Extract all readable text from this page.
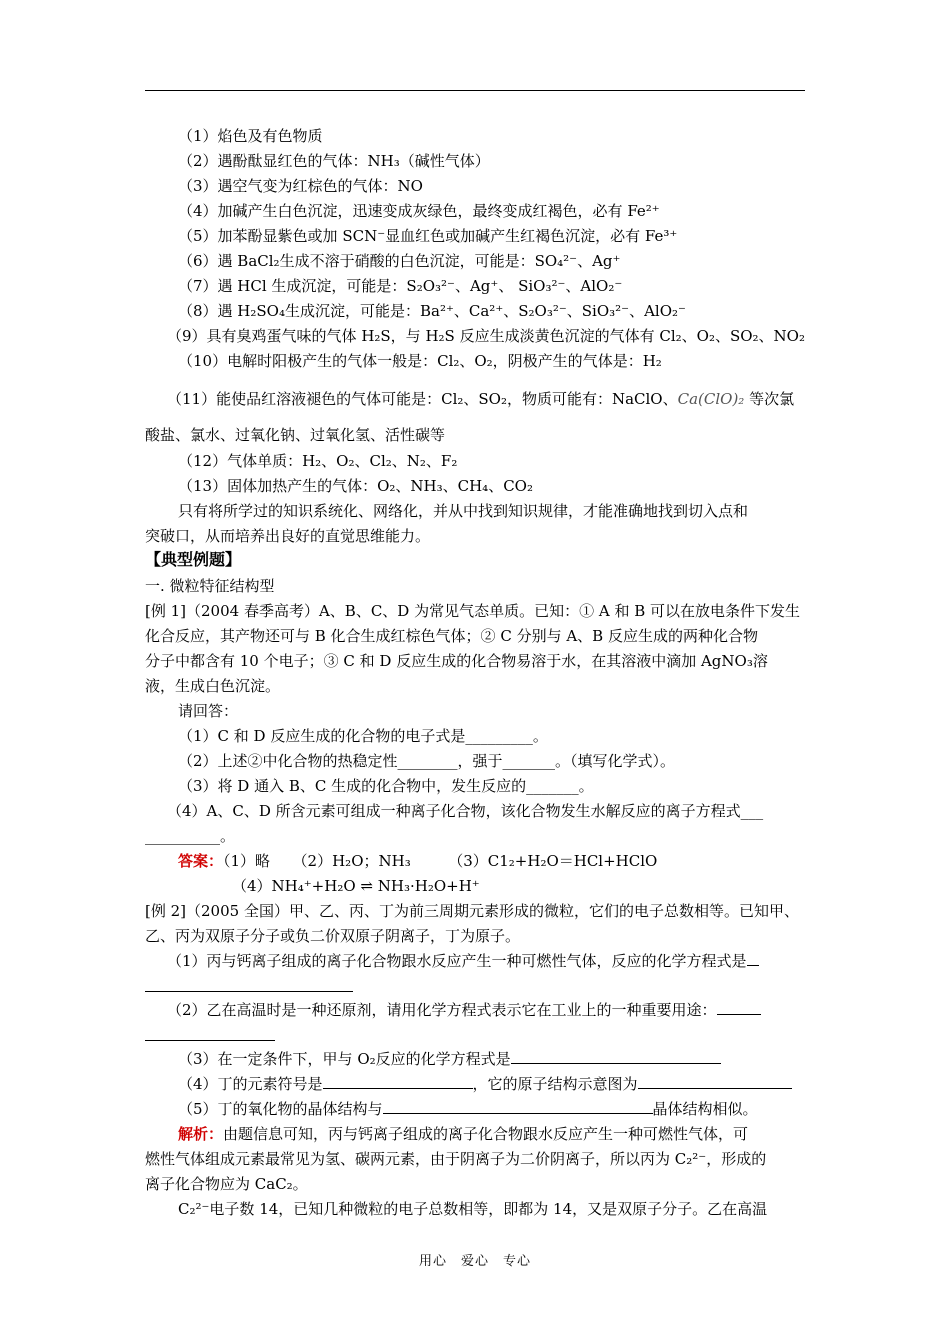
（1）焰色及有色物质
（2）遇酚酞显红色的气体：NH₃（碱性气体）
（3）遇空气变为红棕色的气体：NO
（4）加碱产生白色沉淀，迅速变成灰绿色，最终变成红褐色，必有 Fe²⁺
（5）加苯酚显紫色或加 SCN⁻显血红色或加碱产生红褐色沉淀，必有 Fe³⁺
（6）遇 BaCl₂生成不溶于硝酸的白色沉淀，可能是：SO₄²⁻、Ag⁺
（7）遇 HCl 生成沉淀，可能是：S₂O₃²⁻、Ag⁺、 SiO₃²⁻、AlO₂⁻
（8）遇 H₂SO₄生成沉淀，可能是：Ba²⁺、Ca²⁺、S₂O₃²⁻、SiO₃²⁻、AlO₂⁻
（9）具有臭鸡蛋气味的气体 H₂S，与 H₂S 反应生成淡黄色沉淀的气体有 Cl₂、O₂、SO₂、NO₂
（10）电解时阳极产生的气体一般是：Cl₂、O₂，阴极产生的气体是：H₂
（11）能使品红溶液褪色的气体可能是：Cl₂、SO₂，物质可能有：NaClO、Ca(ClO)₂ 等次氯
酸盐、氯水、过氧化钠、过氧化氢、活性碳等
（12）气体单质：H₂、O₂、Cl₂、N₂、F₂
（13）固体加热产生的气体：O₂、NH₃、CH₄、CO₂
只有将所学过的知识系统化、网络化，并从中找到知识规律，才能准确地找到切入点和
突破口，从而培养出良好的直觉思维能力。
【典型例题】
一. 微粒特征结构型
[例 1]（2004 春季高考）A、B、C、D 为常见气态单质。已知：① A 和 B 可以在放电条件下发生
化合反应，其产物还可与 B 化合生成红棕色气体；② C 分别与 A、B 反应生成的两种化合物
分子中都含有 10 个电子；③ C 和 D 反应生成的化合物易溶于水，在其溶液中滴加 AgNO₃溶
液，生成白色沉淀。
请回答：
（1）C 和 D 反应生成的化合物的电子式是_________。
（2）上述②中化合物的热稳定性________，强于_______。（填写化学式）。
（3）将 D 通入 B、C 生成的化合物中，发生反应的_______。
（4）A、C、D 所含元素可组成一种离子化合物，该化合物发生水解反应的离子方程式___
__________。
答案：（1）略　　（2）H₂O；NH₃　　　（3）C1₂+H₂O＝HCl+HClO
（4）NH₄⁺+H₂O ⇌ NH₃·H₂O+H⁺
[例 2]（2005 全国）甲、乙、丙、丁为前三周期元素形成的微粒，它们的电子总数相等。已知甲、
乙、丙为双原子分子或负二价双原子阴离子，丁为原子。
（1）丙与钙离子组成的离子化合物跟水反应产生一种可燃性气体，反应的化学方程式是
（2）乙在高温时是一种还原剂，请用化学方程式表示它在工业上的一种重要用途：
（3）在一定条件下，甲与 O₂反应的化学方程式是
（4）丁的元素符号是	，它的原子结构示意图为
（5）丁的氧化物的晶体结构与	晶体结构相似。
解析：由题信息可知，丙与钙离子组成的离子化合物跟水反应产生一种可燃性气体，可
燃性气体组成元素最常见为氢、碳两元素，由于阴离子为二价阴离子，所以丙为 C₂²⁻，形成的
离子化合物应为 CaC₂。
C₂²⁻电子数 14，已知几种微粒的电子总数相等，即都为 14，又是双原子分子。乙在高温
用心　爱心　专心
